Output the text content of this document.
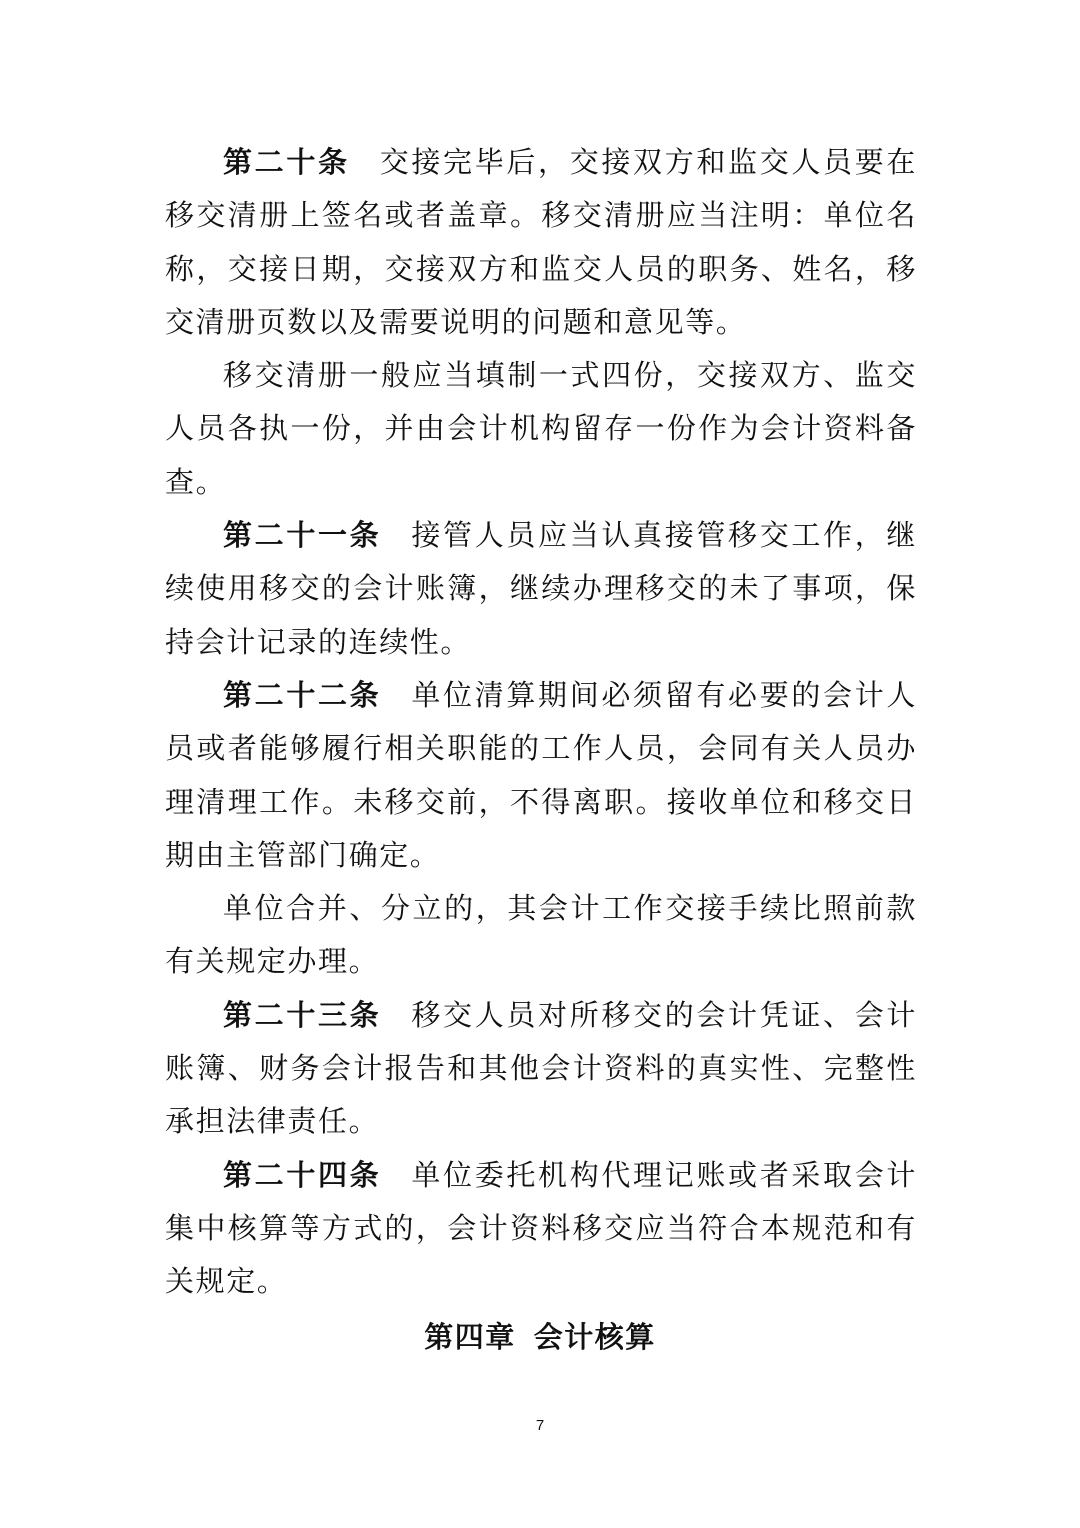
第二十条 交接完毕后，交接双方和监交人员要在移交清册上签名或者盖章。移交清册应当注明：单位名称，交接日期，交接双方和监交人员的职务、姓名，移交清册页数以及需要说明的问题和意见等。

移交清册一般应当填制一式四份，交接双方、监交人员各执一份，并由会计机构留存一份作为会计资料备查。

第二十一条 接管人员应当认真接管移交工作，继续使用移交的会计账簿，继续办理移交的未了事项，保持会计记录的连续性。

第二十二条 单位清算期间必须留有必要的会计人员或者能够履行相关职能的工作人员，会同有关人员办理清理工作。未移交前，不得离职。接收单位和移交日期由主管部门确定。

单位合并、分立的，其会计工作交接手续比照前款有关规定办理。

第二十三条 移交人员对所移交的会计凭证、会计账簿、财务会计报告和其他会计资料的真实性、完整性承担法律责任。

第二十四条 单位委托机构代理记账或者采取会计集中核算等方式的，会计资料移交应当符合本规范和有关规定。

第四章 会计核算
7
